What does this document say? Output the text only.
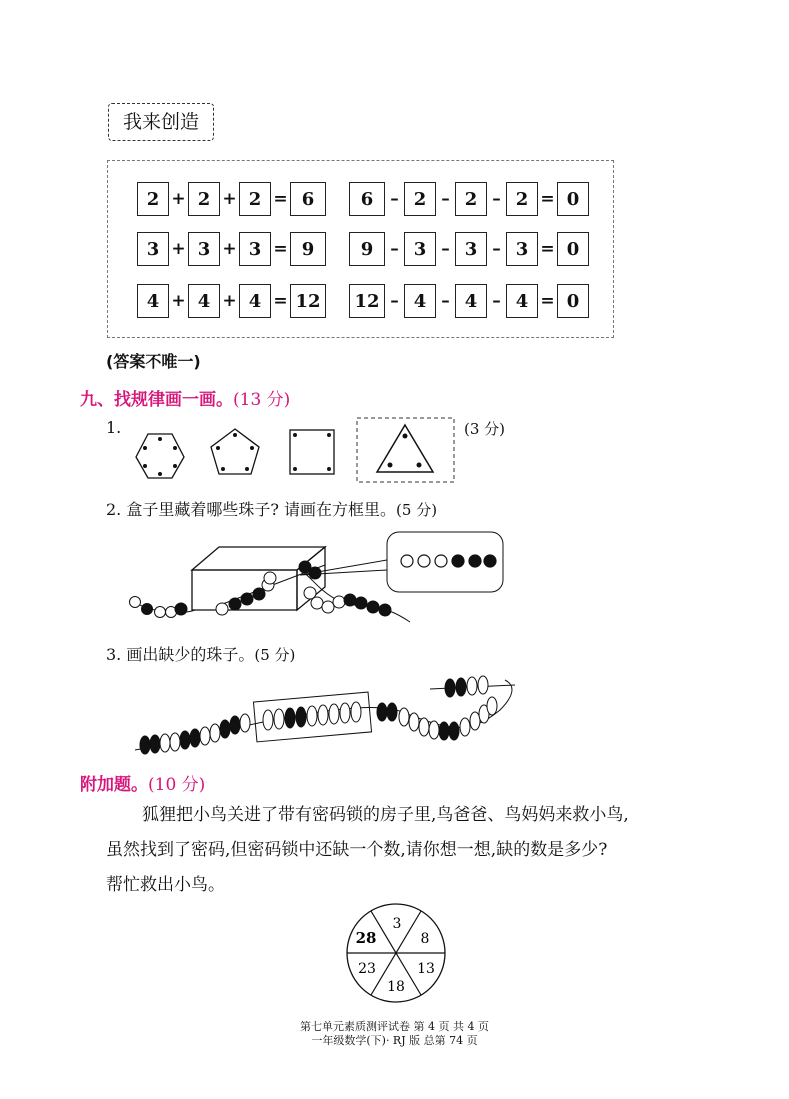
我来创造
2 + 2 + 2 = 6	6 – 2 – 2 – 2 = 0
3 + 3 + 3 = 9	9 – 3 – 3 – 3 = 0
4 + 4 + 4 = 12	12 – 4 – 4 – 4 = 0
(答案不唯一)
九、找规律画一画。(13 分)
1.	(3 分)
2. 盒子里藏着哪些珠子? 请画在方框里。(5 分)
3. 画出缺少的珠子。(5 分)
附加题。(10 分)
狐狸把小鸟关进了带有密码锁的房子里,鸟爸爸、鸟妈妈来救小鸟,
虽然找到了密码,但密码锁中还缺一个数,请你想一想,缺的数是多少?
帮忙救出小鸟。
3
8
13
18
23
28
第七单元素质测评试卷 第 4 页 共 4 页
一年级数学(下)· RJ 版 总第 74 页
